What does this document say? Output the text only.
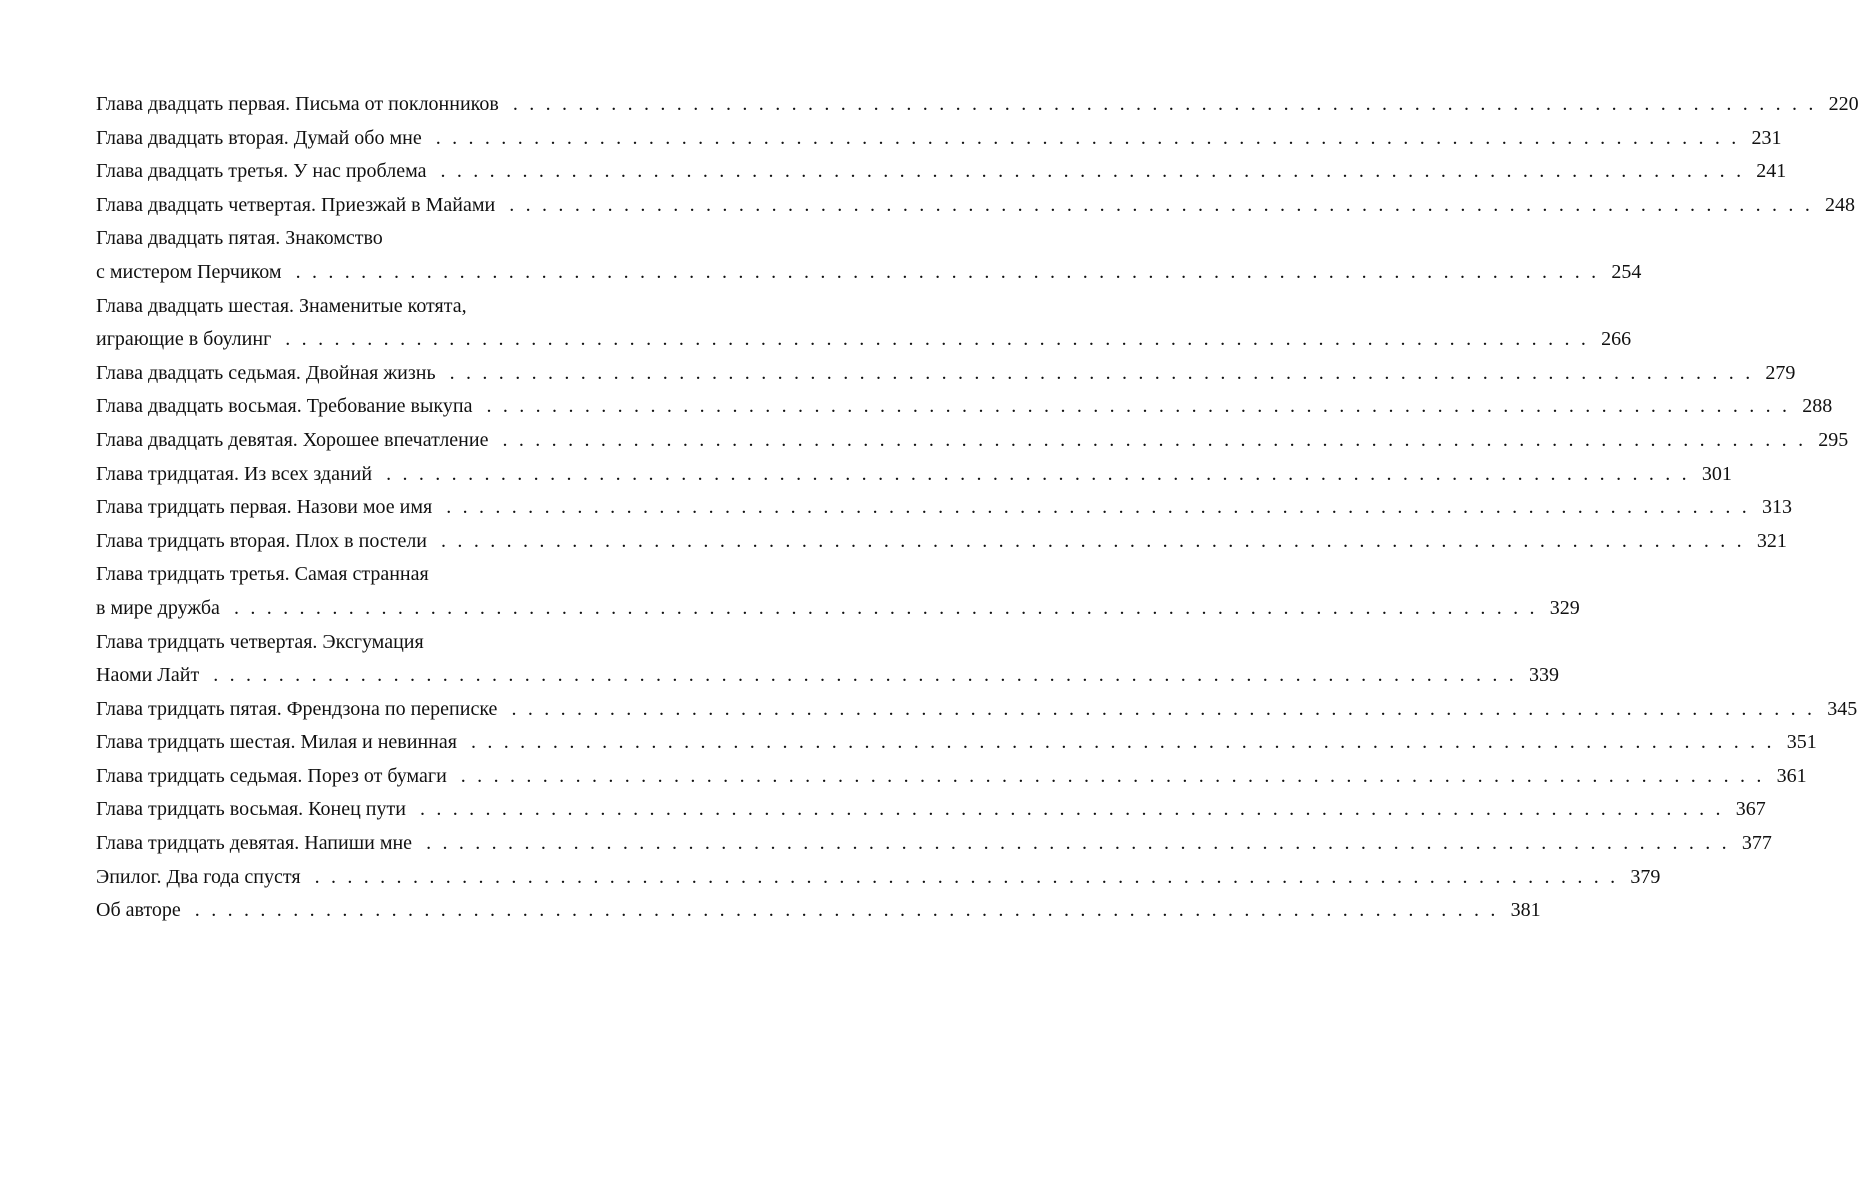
Глава двадцать первая. Письма от поклонников . . . . . . . . . . . . . . . . . . . . . . . . . . . . . . . . . . . . . . . . . . . . . . . . . . . . . . . . . . . . . . . . . . . . . . . . . . . . . . . . 220
Глава двадцать вторая. Думай обо мне . . . . . . . . . . . . . . . . . . . . . . . . . . . . . . . . . . . . . . . . . . . . . . . . . . . . . . . . . . . . . . . . . . . . . . . . . . . . . . . . 231
Глава двадцать третья. У нас проблема . . . . . . . . . . . . . . . . . . . . . . . . . . . . . . . . . . . . . . . . . . . . . . . . . . . . . . . . . . . . . . . . . . . . . . . . . . . . . . . . 241
Глава двадцать четвертая. Приезжай в Майами . . . . . . . . . . . . . . . . . . . . . . . . . . . . . . . . . . . . . . . . . . . . . . . . . . . . . . . . . . . . . . . . . . . . . . . . . . . . . . . . 248
Глава двадцать пятая. Знакомство
с мистером Перчиком . . . . . . . . . . . . . . . . . . . . . . . . . . . . . . . . . . . . . . . . . . . . . . . . . . . . . . . . . . . . . . . . . . . . . . . . . . . . . . . . 254
Глава двадцать шестая. Знаменитые котята,
играющие в боулинг . . . . . . . . . . . . . . . . . . . . . . . . . . . . . . . . . . . . . . . . . . . . . . . . . . . . . . . . . . . . . . . . . . . . . . . . . . . . . . . . 266
Глава двадцать седьмая. Двойная жизнь . . . . . . . . . . . . . . . . . . . . . . . . . . . . . . . . . . . . . . . . . . . . . . . . . . . . . . . . . . . . . . . . . . . . . . . . . . . . . . . . 279
Глава двадцать восьмая. Требование выкупа . . . . . . . . . . . . . . . . . . . . . . . . . . . . . . . . . . . . . . . . . . . . . . . . . . . . . . . . . . . . . . . . . . . . . . . . . . . . . . . . 288
Глава двадцать девятая. Хорошее впечатление . . . . . . . . . . . . . . . . . . . . . . . . . . . . . . . . . . . . . . . . . . . . . . . . . . . . . . . . . . . . . . . . . . . . . . . . . . . . . . . . 295
Глава тридцатая. Из всех зданий . . . . . . . . . . . . . . . . . . . . . . . . . . . . . . . . . . . . . . . . . . . . . . . . . . . . . . . . . . . . . . . . . . . . . . . . . . . . . . . . 301
Глава тридцать первая. Назови мое имя . . . . . . . . . . . . . . . . . . . . . . . . . . . . . . . . . . . . . . . . . . . . . . . . . . . . . . . . . . . . . . . . . . . . . . . . . . . . . . . . 313
Глава тридцать вторая. Плох в постели . . . . . . . . . . . . . . . . . . . . . . . . . . . . . . . . . . . . . . . . . . . . . . . . . . . . . . . . . . . . . . . . . . . . . . . . . . . . . . . . 321
Глава тридцать третья. Самая странная
в мире дружба . . . . . . . . . . . . . . . . . . . . . . . . . . . . . . . . . . . . . . . . . . . . . . . . . . . . . . . . . . . . . . . . . . . . . . . . . . . . . . . . 329
Глава тридцать четвертая. Эксгумация
Наоми Лайт . . . . . . . . . . . . . . . . . . . . . . . . . . . . . . . . . . . . . . . . . . . . . . . . . . . . . . . . . . . . . . . . . . . . . . . . . . . . . . . . 339
Глава тридцать пятая. Френдзона по переписке . . . . . . . . . . . . . . . . . . . . . . . . . . . . . . . . . . . . . . . . . . . . . . . . . . . . . . . . . . . . . . . . . . . . . . . . . . . . . . . . 345
Глава тридцать шестая. Милая и невинная . . . . . . . . . . . . . . . . . . . . . . . . . . . . . . . . . . . . . . . . . . . . . . . . . . . . . . . . . . . . . . . . . . . . . . . . . . . . . . . . 351
Глава тридцать седьмая. Порез от бумаги . . . . . . . . . . . . . . . . . . . . . . . . . . . . . . . . . . . . . . . . . . . . . . . . . . . . . . . . . . . . . . . . . . . . . . . . . . . . . . . . 361
Глава тридцать восьмая. Конец пути . . . . . . . . . . . . . . . . . . . . . . . . . . . . . . . . . . . . . . . . . . . . . . . . . . . . . . . . . . . . . . . . . . . . . . . . . . . . . . . . 367
Глава тридцать девятая. Напиши мне . . . . . . . . . . . . . . . . . . . . . . . . . . . . . . . . . . . . . . . . . . . . . . . . . . . . . . . . . . . . . . . . . . . . . . . . . . . . . . . . 377
Эпилог. Два года спустя . . . . . . . . . . . . . . . . . . . . . . . . . . . . . . . . . . . . . . . . . . . . . . . . . . . . . . . . . . . . . . . . . . . . . . . . . . . . . . . . 379
Об авторе . . . . . . . . . . . . . . . . . . . . . . . . . . . . . . . . . . . . . . . . . . . . . . . . . . . . . . . . . . . . . . . . . . . . . . . . . . . . . . . . 381
